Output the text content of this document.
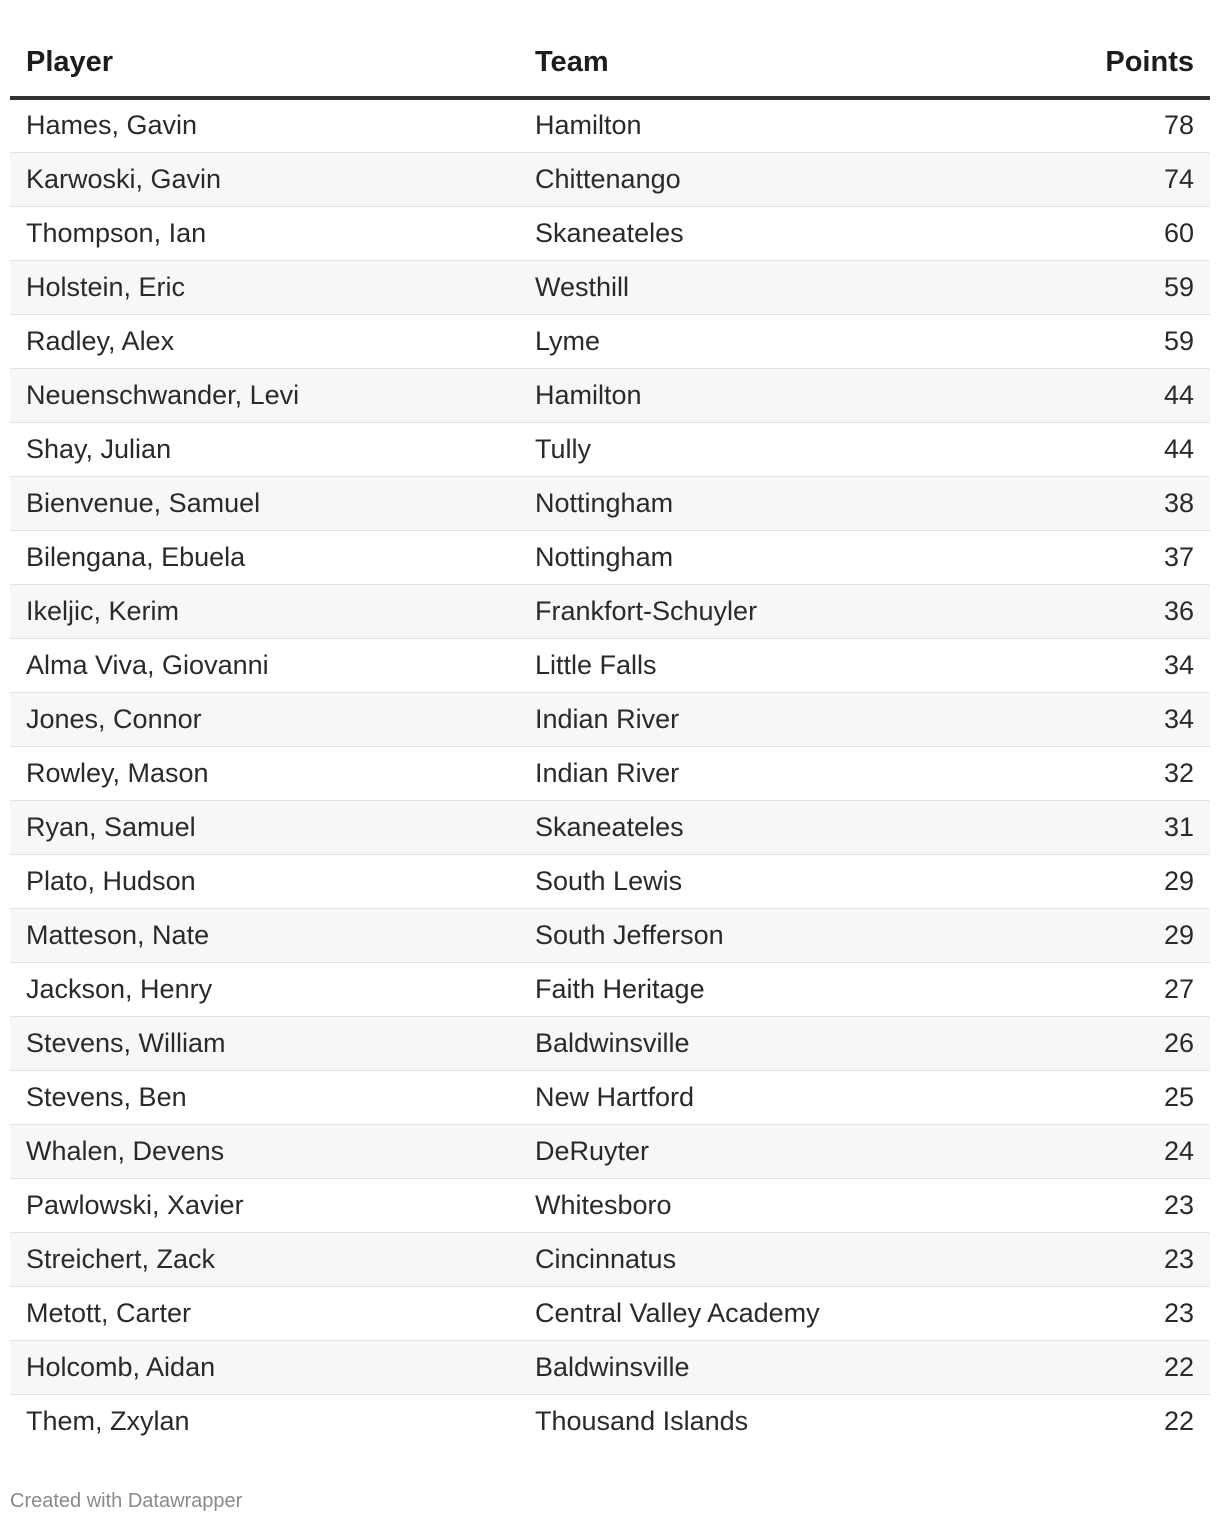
Player	Team	Points
Hames, Gavin	Hamilton	78
Karwoski, Gavin	Chittenango	74
Thompson, Ian	Skaneateles	60
Holstein, Eric	Westhill	59
Radley, Alex	Lyme	59
Neuenschwander, Levi	Hamilton	44
Shay, Julian	Tully	44
Bienvenue, Samuel	Nottingham	38
Bilengana, Ebuela	Nottingham	37
Ikeljic, Kerim	Frankfort-Schuyler	36
Alma Viva, Giovanni	Little Falls	34
Jones, Connor	Indian River	34
Rowley, Mason	Indian River	32
Ryan, Samuel	Skaneateles	31
Plato, Hudson	South Lewis	29
Matteson, Nate	South Jefferson	29
Jackson, Henry	Faith Heritage	27
Stevens, William	Baldwinsville	26
Stevens, Ben	New Hartford	25
Whalen, Devens	DeRuyter	24
Pawlowski, Xavier	Whitesboro	23
Streichert, Zack	Cincinnatus	23
Metott, Carter	Central Valley Academy	23
Holcomb, Aidan	Baldwinsville	22
Them, Zxylan	Thousand Islands	22
Created with Datawrapper
